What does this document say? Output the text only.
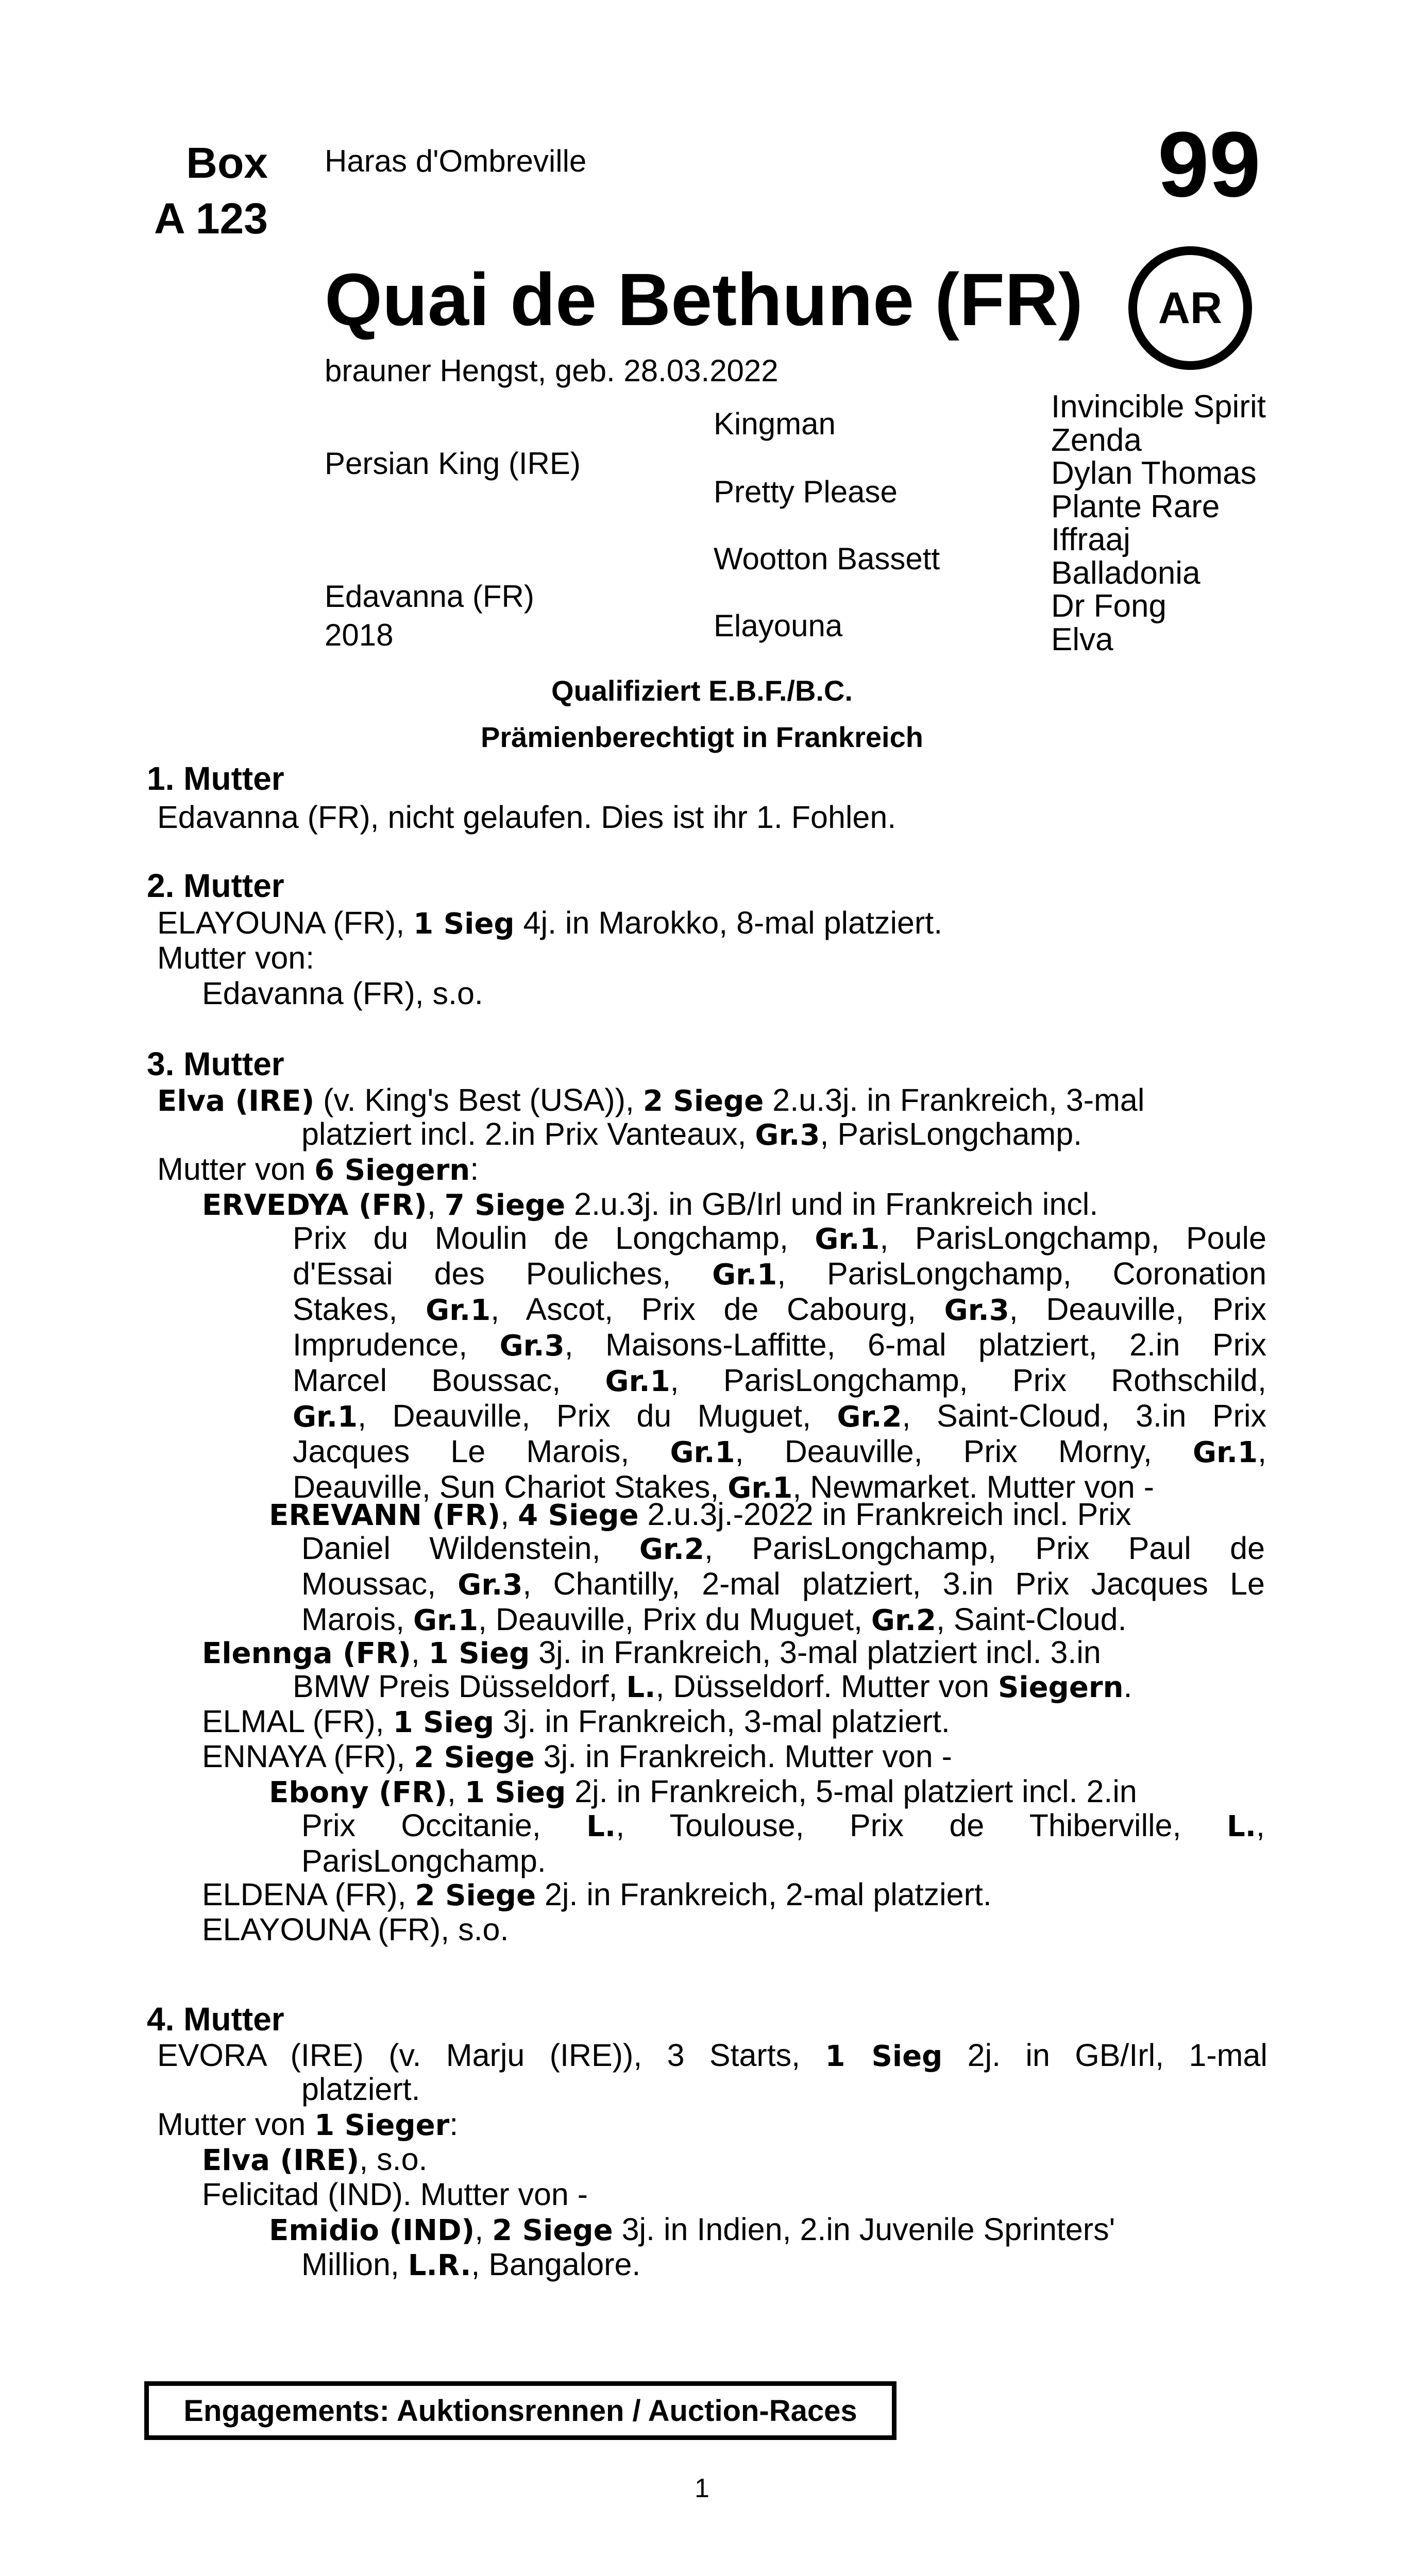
Box
A 123
Haras d'Ombreville	99
AR
Quai de Bethune (FR)
brauner Hengst, geb. 28.03.2022
Persian King (IRE)
Edavanna (FR)
2018
Kingman
Pretty Please
Wootton Bassett
Elayouna
Invincible Spirit
Zenda
Dylan Thomas
Plante Rare
Iffraaj
Balladonia
Dr Fong
Elva
Qualifiziert E.B.F./B.C.
Prämienberechtigt in Frankreich
1. Mutter
Edavanna (FR), nicht gelaufen. Dies ist ihr 1. Fohlen.
2. Mutter
ELAYOUNA (FR), 1 Sieg 4j. in Marokko, 8-mal platziert.
Mutter von:
Edavanna (FR), s.o.
3. Mutter
Elva (IRE) (v. King's Best (USA)), 2 Siege 2.u.3j. in Frankreich, 3-mal
platziert incl. 2.in Prix Vanteaux, Gr.3, ParisLongchamp.
Mutter von 6 Siegern:
ERVEDYA (FR), 7 Siege 2.u.3j. in GB/Irl und in Frankreich incl.
Prix du Moulin de Longchamp, Gr.1, ParisLongchamp, Poule
d'Essai des Pouliches, Gr.1, ParisLongchamp, Coronation
Stakes, Gr.1, Ascot, Prix de Cabourg, Gr.3, Deauville, Prix
Imprudence, Gr.3, Maisons-Laffitte, 6-mal platziert, 2.in Prix
Marcel Boussac, Gr.1, ParisLongchamp, Prix Rothschild,
Gr.1, Deauville, Prix du Muguet, Gr.2, Saint-Cloud, 3.in Prix
Jacques Le Marois, Gr.1, Deauville, Prix Morny, Gr.1,
Deauville, Sun Chariot Stakes, Gr.1, Newmarket. Mutter von -
EREVANN (FR), 4 Siege 2.u.3j.-2022 in Frankreich incl. Prix
Daniel Wildenstein, Gr.2, ParisLongchamp, Prix Paul de
Moussac, Gr.3, Chantilly, 2-mal platziert, 3.in Prix Jacques Le
Marois, Gr.1, Deauville, Prix du Muguet, Gr.2, Saint-Cloud.
Elennga (FR), 1 Sieg 3j. in Frankreich, 3-mal platziert incl. 3.in
BMW Preis Düsseldorf, L., Düsseldorf. Mutter von Siegern.
ELMAL (FR), 1 Sieg 3j. in Frankreich, 3-mal platziert.
ENNAYA (FR), 2 Siege 3j. in Frankreich. Mutter von -
Ebony (FR), 1 Sieg 2j. in Frankreich, 5-mal platziert incl. 2.in
Prix Occitanie, L., Toulouse, Prix de Thiberville, L.,
ParisLongchamp.
ELDENA (FR), 2 Siege 2j. in Frankreich, 2-mal platziert.
ELAYOUNA (FR), s.o.
4. Mutter
EVORA (IRE) (v. Marju (IRE)), 3 Starts, 1 Sieg 2j. in GB/Irl, 1-mal
platziert.
Mutter von 1 Sieger:
Elva (IRE), s.o.
Felicitad (IND). Mutter von -
Emidio (IND), 2 Siege 3j. in Indien, 2.in Juvenile Sprinters'
Million, L.R., Bangalore.
Engagements: Auktionsrennen / Auction-Races
1
